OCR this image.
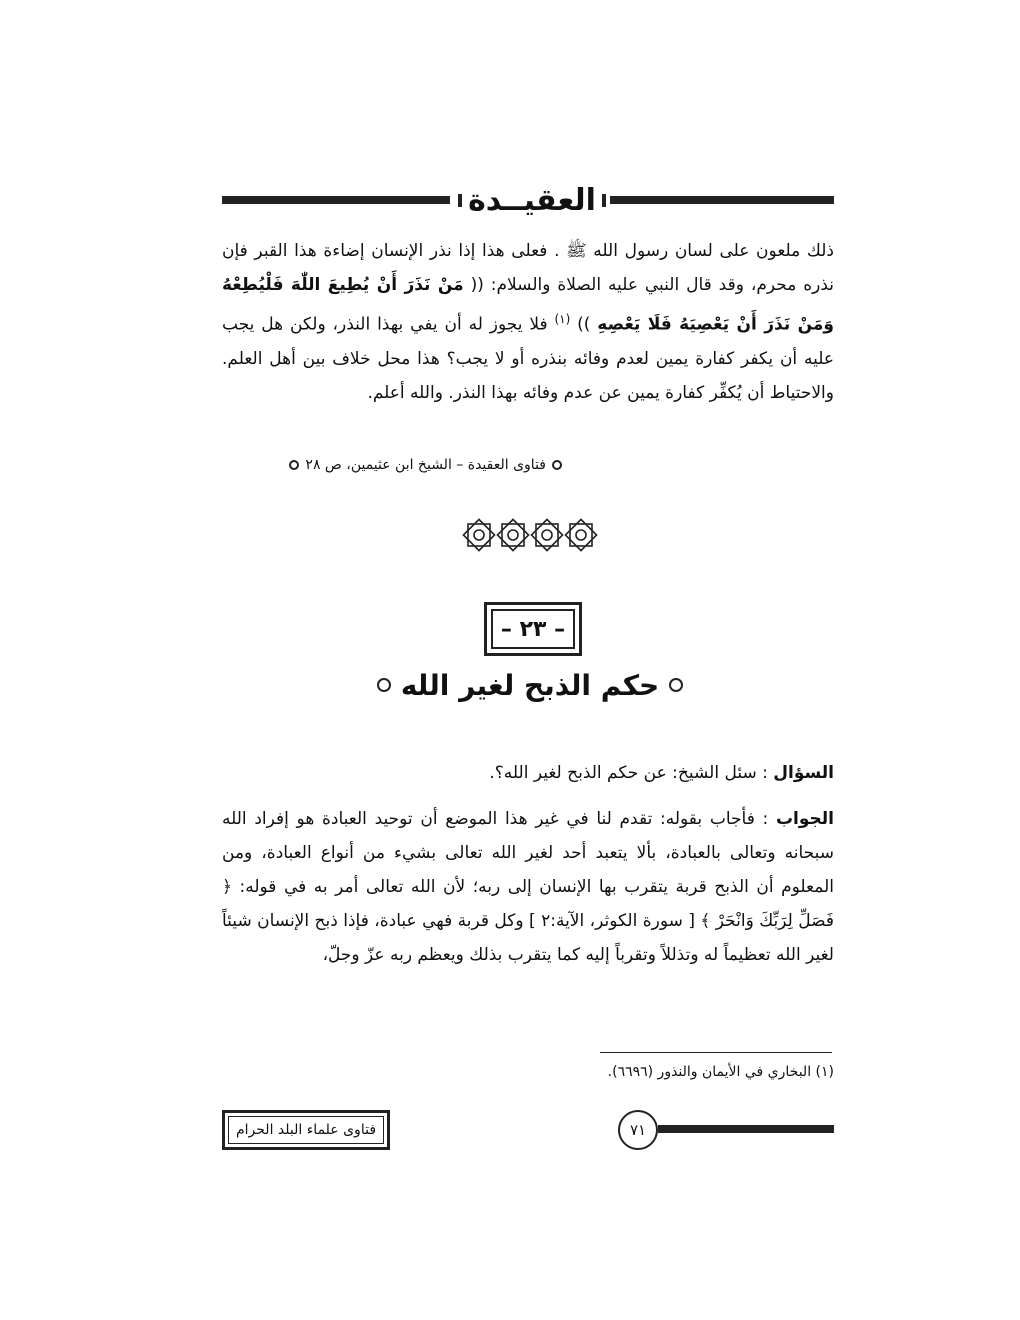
العقيــدة
ذلك ملعون على لسان رسول الله ﷺ . فعلى هذا إذا نذر الإنسان إضاءة هذا القبر فإن نذره محرم، وقد قال النبي عليه الصلاة والسلام: (( مَنْ نَذَرَ أَنْ يُطِيعَ اللّٰهَ فَلْيُطِعْهُ وَمَنْ نَذَرَ أَنْ يَعْصِيَهُ فَلَا يَعْصِهِ )) $^{(١)}$ فلا يجوز له أن يفي بهذا النذر، ولكن هل يجب عليه أن يكفر كفارة يمين لعدم وفائه بنذره أو لا يجب؟ هذا محل خلاف بين أهل العلم. والاحتياط أن يُكفِّر كفارة يمين عن عدم وفائه بهذا النذر. والله أعلم.
فتاوى العقيدة – الشيخ ابن عثيمين، ص ٢٨
– ٢٣ –
حكم الذبح لغير الله
السؤال : سئل الشيخ: عن حكم الذبح لغير الله؟.
الجواب : فأجاب بقوله: تقدم لنا في غير هذا الموضع أن توحيد العبادة هو إفراد الله سبحانه وتعالى بالعبادة، بألا يتعبد أحد لغير الله تعالى بشيء من أنواع العبادة، ومن المعلوم أن الذبح قربة يتقرب بها الإنسان إلى ربه؛ لأن الله تعالى أمر به في قوله: ﴿ فَصَلِّ لِرَبِّكَ وَانْحَرْ ﴾ [ سورة الكوثر، الآية:٢ ] وكل قربة فهي عبادة، فإذا ذبح الإنسان شيئاً لغير الله تعظيماً له وتذللاً وتقرباً إليه كما يتقرب بذلك ويعظم ربه عزّ وجلّ،
(١) البخاري في الأيمان والنذور (٦٦٩٦).
٧١
فتاوى علماء البلد الحرام
